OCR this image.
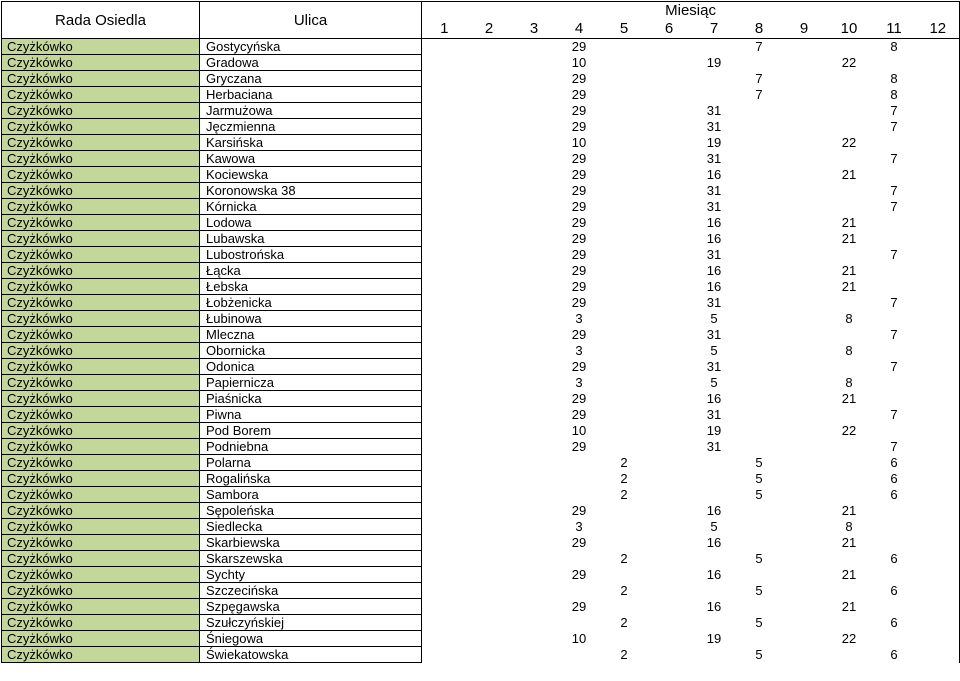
Rada Osiedla	Ulica	Miesiąc											
		1	2	3	4	5	6	7	8	9	10	11	12
Czyżkówko	Gostycyńska				29				7			8	
Czyżkówko	Gradowa				10			19			22		
Czyżkówko	Gryczana				29				7			8	
Czyżkówko	Herbaciana				29				7			8	
Czyżkówko	Jarmużowa				29			31				7	
Czyżkówko	Jęczmienna				29			31				7	
Czyżkówko	Karsińska				10			19			22		
Czyżkówko	Kawowa				29			31				7	
Czyżkówko	Kociewska				29			16			21		
Czyżkówko	Koronowska 38				29			31				7	
Czyżkówko	Kórnicka				29			31				7	
Czyżkówko	Lodowa				29			16			21		
Czyżkówko	Lubawska				29			16			21		
Czyżkówko	Lubostrońska				29			31				7	
Czyżkówko	Łącka				29			16			21		
Czyżkówko	Łebska				29			16			21		
Czyżkówko	Łobżenicka				29			31				7	
Czyżkówko	Łubinowa				3			5			8		
Czyżkówko	Mleczna				29			31				7	
Czyżkówko	Obornicka				3			5			8		
Czyżkówko	Odonica				29			31				7	
Czyżkówko	Papiernicza				3			5			8		
Czyżkówko	Piaśnicka				29			16			21		
Czyżkówko	Piwna				29			31				7	
Czyżkówko	Pod Borem				10			19			22		
Czyżkówko	Podniebna				29			31				7	
Czyżkówko	Polarna					2			5			6	
Czyżkówko	Rogalińska					2			5			6	
Czyżkówko	Sambora					2			5			6	
Czyżkówko	Sępoleńska				29			16			21		
Czyżkówko	Siedlecka				3			5			8		
Czyżkówko	Skarbiewska				29			16			21		
Czyżkówko	Skarszewska					2			5			6	
Czyżkówko	Sychty				29			16			21		
Czyżkówko	Szczecińska					2			5			6	
Czyżkówko	Szpęgawska				29			16			21		
Czyżkówko	Szułczyńskiej					2			5			6	
Czyżkówko	Śniegowa				10			19			22		
Czyżkówko	Świekatowska					2			5			6	
